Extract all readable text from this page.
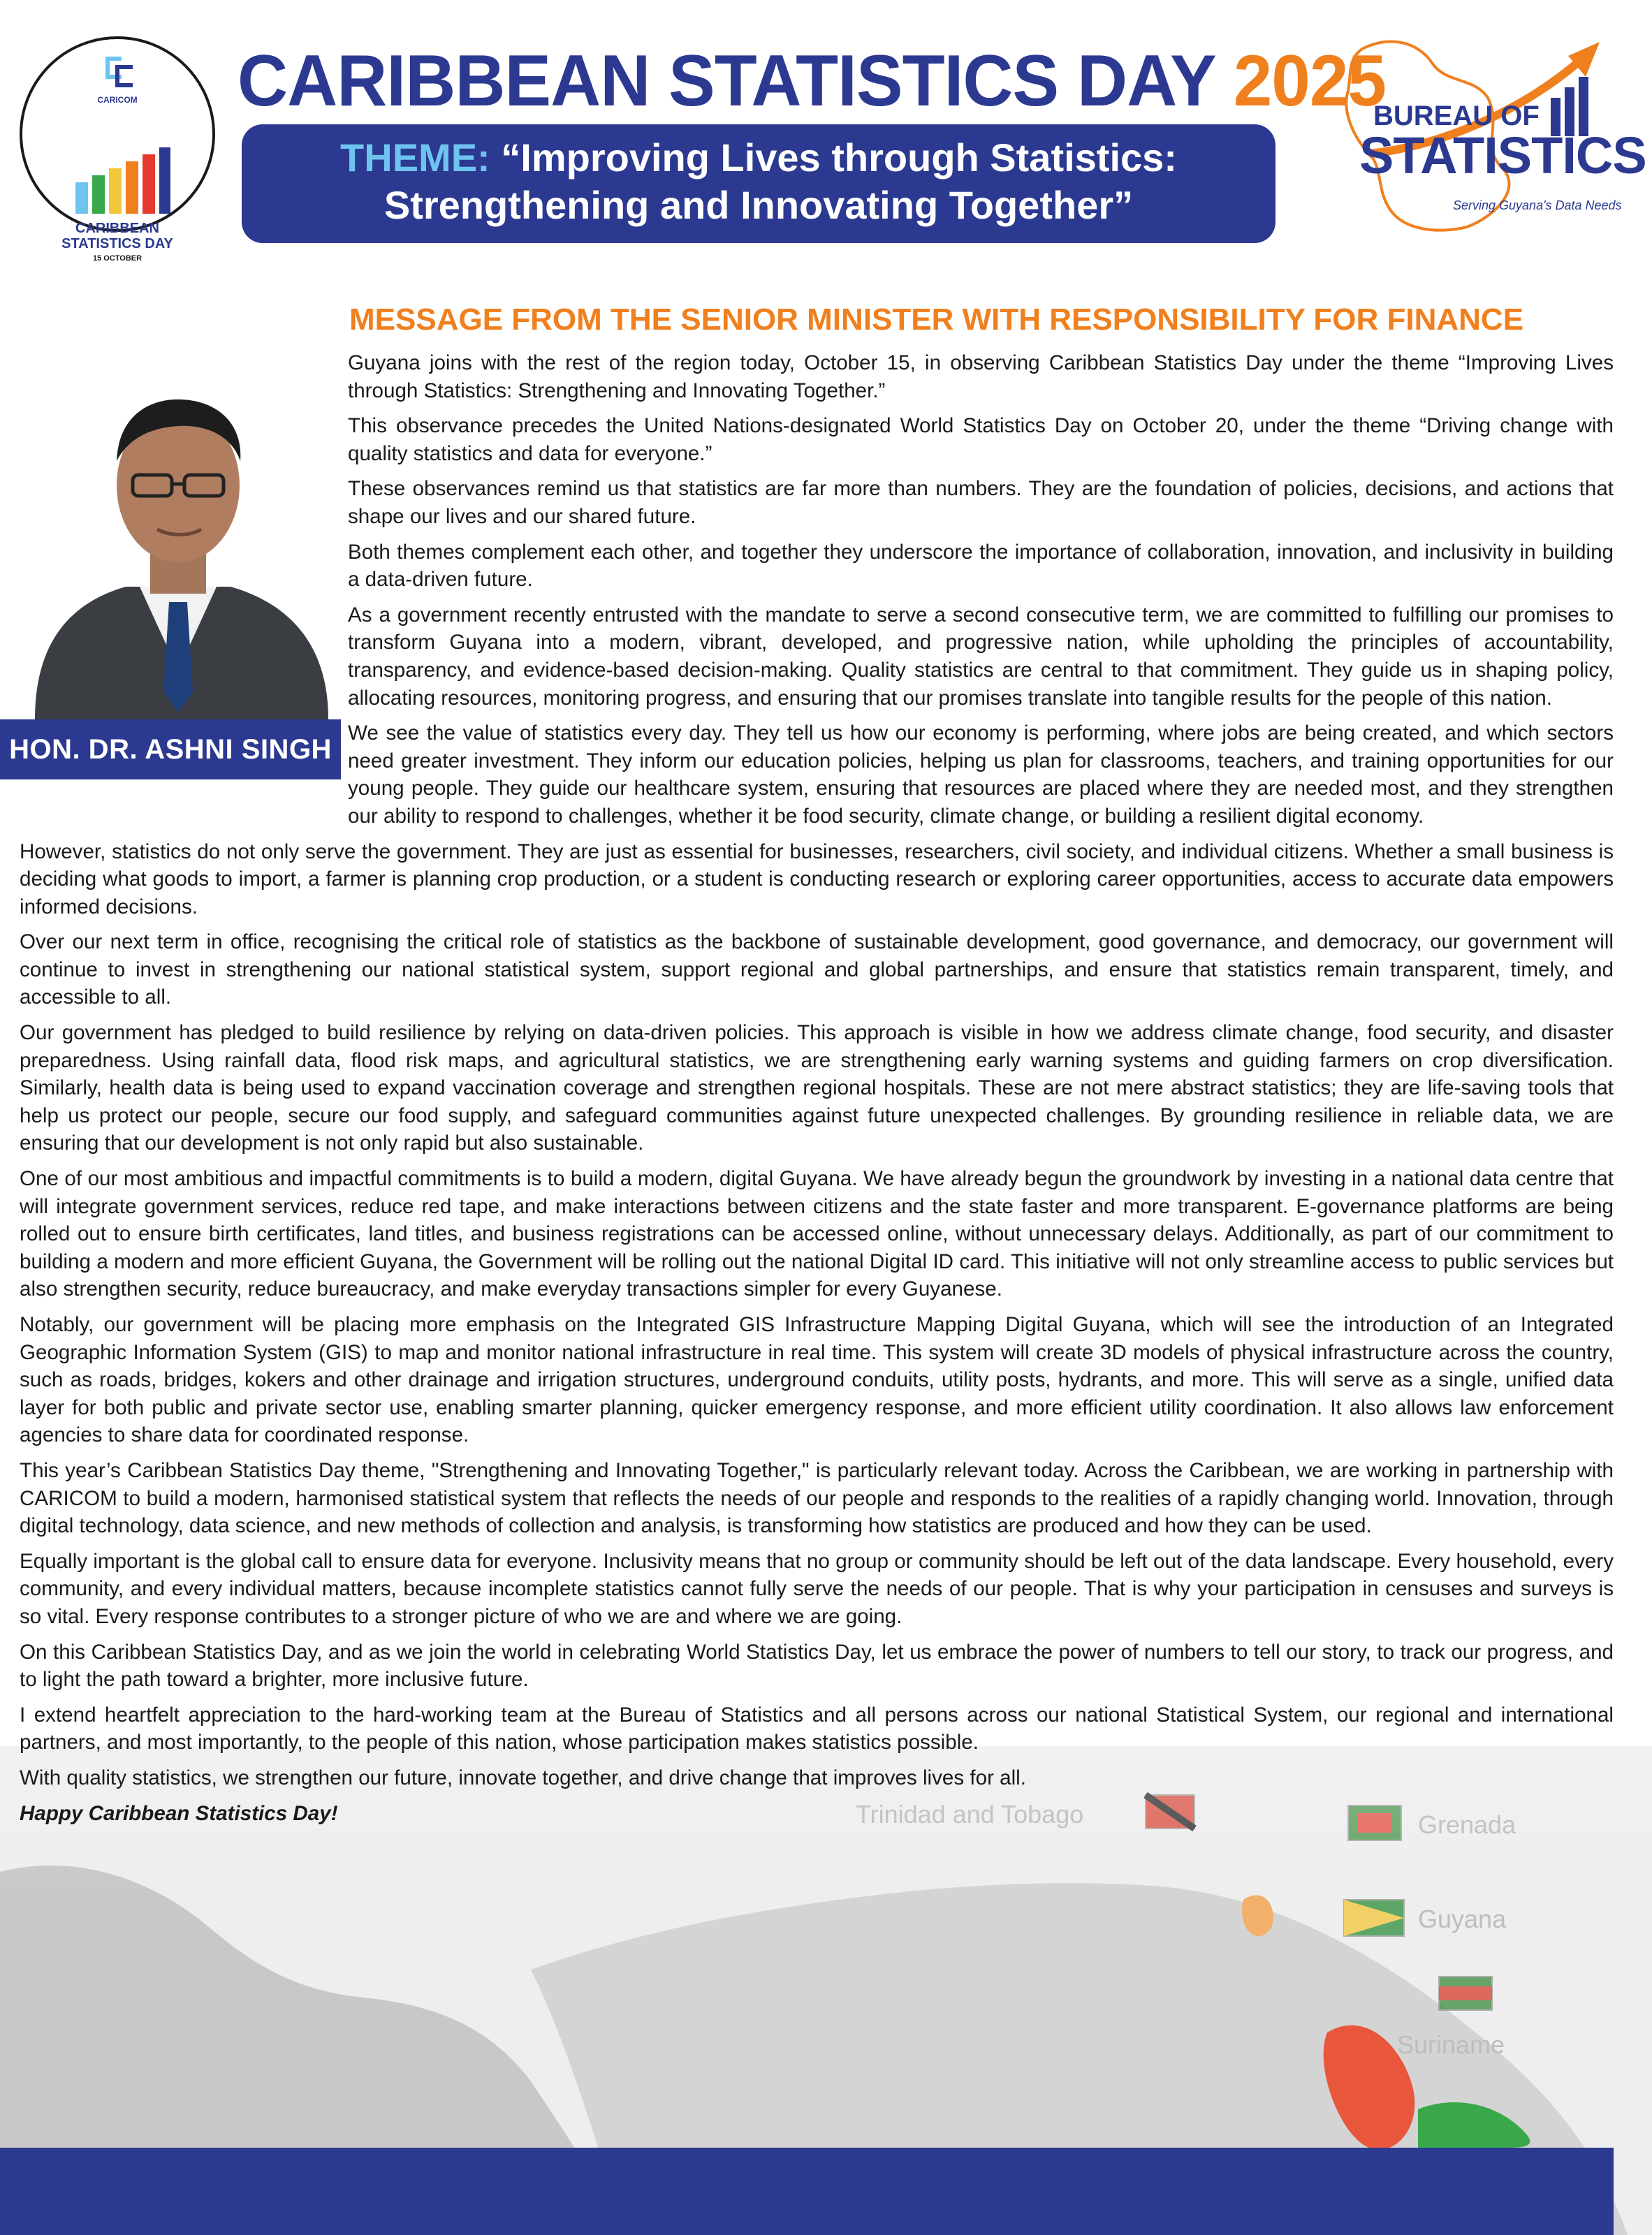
Guyana
Suriname
CARICOM
CARIBBEAN
STATISTICS DAY
15 OCTOBER
CARIBBEAN STATISTICS DAY 2025
THEME: “Improving Lives through Statistics:
Strengthening and Innovating Together”
BUREAU OF
STATISTICS
Serving Guyana's Data Needs
MESSAGE FROM THE SENIOR MINISTER WITH RESPONSIBILITY FOR FINANCE
HON. DR. ASHNI SINGH

Guyana joins with the rest of the region today, October 15, in observing Caribbean Statistics Day under the theme “Improving Lives through Statistics: Strengthening and Innovating Together.”

This observance precedes the United Nations-designated World Statistics Day on October 20, under the theme “Driving change with quality statistics and data for everyone.”

These observances remind us that statistics are far more than numbers. They are the foundation of policies, decisions, and actions that shape our lives and our shared future.

Both themes complement each other, and together they underscore the importance of collaboration, innovation, and inclusivity in building a data-driven future.

As a government recently entrusted with the mandate to serve a second consecutive term, we are committed to fulfilling our promises to transform Guyana into a modern, vibrant, developed, and progressive nation, while upholding the principles of accountability, transparency, and evidence-based decision-making. Quality statistics are central to that commitment. They guide us in shaping policy, allocating resources, monitoring progress, and ensuring that our promises translate into tangible results for the people of this nation.

We see the value of statistics every day. They tell us how our economy is performing, where jobs are being created, and which sectors need greater investment. They inform our education policies, helping us plan for classrooms, teachers, and training opportunities for our young people. They guide our healthcare system, ensuring that resources are placed where they are needed most, and they strengthen our ability to respond to challenges, whether it be food security, climate change, or building a resilient digital economy.

However, statistics do not only serve the government. They are just as essential for businesses, researchers, civil society, and individual citizens. Whether a small business is deciding what goods to import, a farmer is planning crop production, or a student is conducting research or exploring career opportunities, access to accurate data empowers informed decisions.

Over our next term in office, recognising the critical role of statistics as the backbone of sustainable development, good governance, and democracy, our government will continue to invest in strengthening our national statistical system, support regional and global partnerships, and ensure that statistics remain transparent, timely, and accessible to all.

Our government has pledged to build resilience by relying on data-driven policies. This approach is visible in how we address climate change, food security, and disaster preparedness. Using rainfall data, flood risk maps, and agricultural statistics, we are strengthening early warning systems and guiding farmers on crop diversification. Similarly, health data is being used to expand vaccination coverage and strengthen regional hospitals. These are not mere abstract statistics; they are life-saving tools that help us protect our people, secure our food supply, and safeguard communities against future unexpected challenges. By grounding resilience in reliable data, we are ensuring that our development is not only rapid but also sustainable.

One of our most ambitious and impactful commitments is to build a modern, digital Guyana. We have already begun the groundwork by investing in a national data centre that will integrate government services, reduce red tape, and make interactions between citizens and the state faster and more transparent. E-governance platforms are being rolled out to ensure birth certificates, land titles, and business registrations can be accessed online, without unnecessary delays. Additionally, as part of our commitment to building a modern and more efficient Guyana, the Government will be rolling out the national Digital ID card. This initiative will not only streamline access to public services but also strengthen security, reduce bureaucracy, and make everyday transactions simpler for every Guyanese.

Notably, our government will be placing more emphasis on the Integrated GIS Infrastructure Mapping Digital Guyana, which will see the introduction of an Integrated Geographic Information System (GIS) to map and monitor national infrastructure in real time. This system will create 3D models of physical infrastructure across the country, such as roads, bridges, kokers and other drainage and irrigation structures, underground conduits, utility posts, hydrants, and more. This will serve as a single, unified data layer for both public and private sector use, enabling smarter planning, quicker emergency response, and more efficient utility coordination. It also allows law enforcement agencies to share data for coordinated response.

This year’s Caribbean Statistics Day theme, "Strengthening and Innovating Together," is particularly relevant today. Across the Caribbean, we are working in partnership with CARICOM to build a modern, harmonised statistical system that reflects the needs of our people and responds to the realities of a rapidly changing world. Innovation, through digital technology, data science, and new methods of collection and analysis, is transforming how statistics are produced and how they can be used.

Equally important is the global call to ensure data for everyone. Inclusivity means that no group or community should be left out of the data landscape. Every household, every community, and every individual matters, because incomplete statistics cannot fully serve the needs of our people. That is why your participation in censuses and surveys is so vital. Every response contributes to a stronger picture of who we are and where we are going.

On this Caribbean Statistics Day, and as we join the world in celebrating World Statistics Day, let us embrace the power of numbers to tell our story, to track our progress, and to light the path toward a brighter, more inclusive future.

I extend heartfelt appreciation to the hard-working team at the Bureau of Statistics and all persons across our national Statistical System, our regional and international partners, and most importantly, to the people of this nation, whose participation makes statistics possible.

With quality statistics, we strengthen our future, innovate together, and drive change that improves lives for all.

Happy Caribbean Statistics Day!
